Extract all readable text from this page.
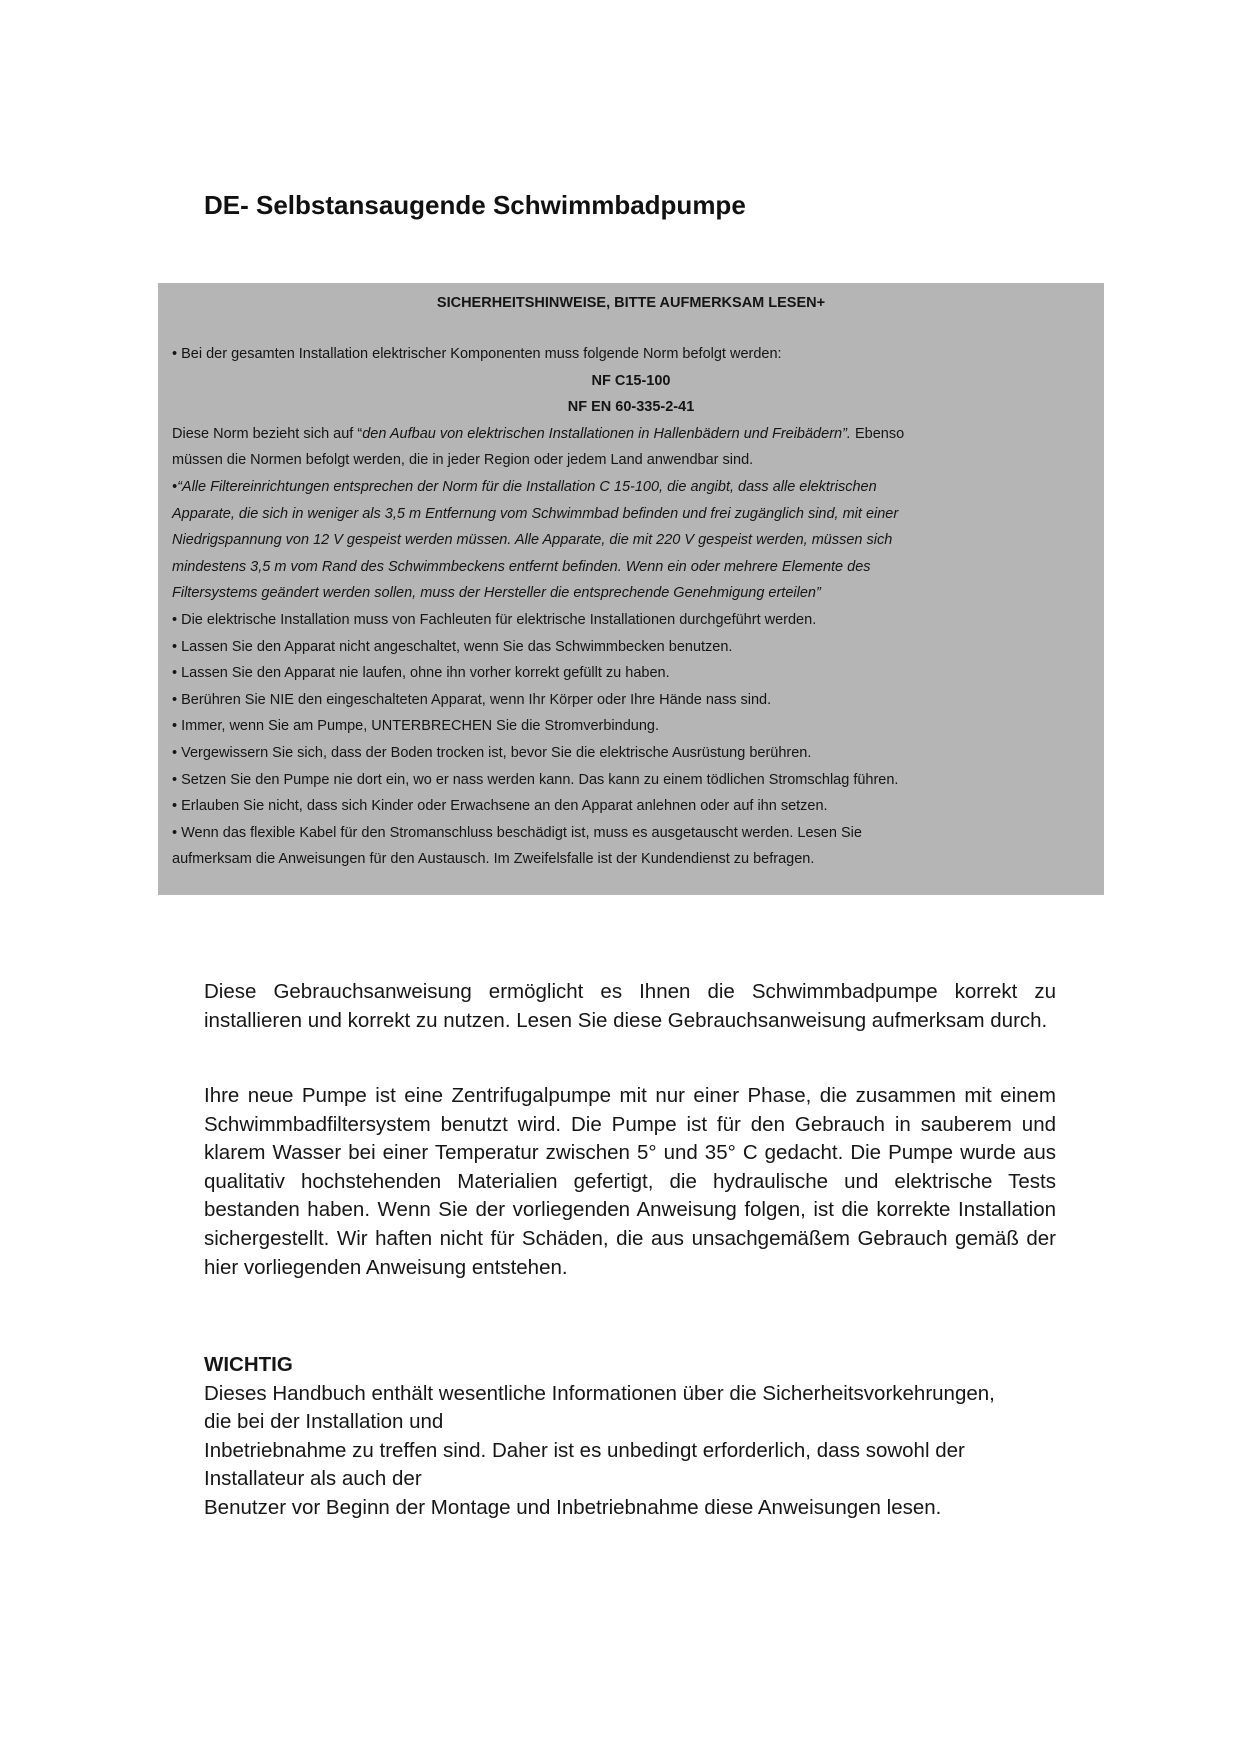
DE- Selbstansaugende Schwimmbadpumpe
SICHERHEITSHINWEISE, BITTE AUFMERKSAM LESEN+

• Bei der gesamten Installation elektrischer Komponenten muss folgende Norm befolgt werden:

NF C15-100

NF EN 60-335-2-41

Diese Norm bezieht sich auf “den Aufbau von elektrischen Installationen in Hallenbädern und Freibädern”. Ebenso

müssen die Normen befolgt werden, die in jeder Region oder jedem Land anwendbar sind.

•“Alle Filtereinrichtungen entsprechen der Norm für die Installation C 15-100, die angibt, dass alle elektrischen

Apparate, die sich in weniger als 3,5 m Entfernung vom Schwimmbad befinden und frei zugänglich sind, mit einer

Niedrigspannung von 12 V gespeist werden müssen. Alle Apparate, die mit 220 V gespeist werden, müssen sich

mindestens 3,5 m vom Rand des Schwimmbeckens entfernt befinden. Wenn ein oder mehrere Elemente des

Filtersystems geändert werden sollen, muss der Hersteller die entsprechende Genehmigung erteilen”

• Die elektrische Installation muss von Fachleuten für elektrische Installationen durchgeführt werden.

• Lassen Sie den Apparat nicht angeschaltet, wenn Sie das Schwimmbecken benutzen.

• Lassen Sie den Apparat nie laufen, ohne ihn vorher korrekt gefüllt zu haben.

• Berühren Sie NIE den eingeschalteten Apparat, wenn Ihr Körper oder Ihre Hände nass sind.

• Immer, wenn Sie am Pumpe, UNTERBRECHEN Sie die Stromverbindung.

• Vergewissern Sie sich, dass der Boden trocken ist, bevor Sie die elektrische Ausrüstung berühren.

• Setzen Sie den Pumpe nie dort ein, wo er nass werden kann. Das kann zu einem tödlichen Stromschlag führen.

• Erlauben Sie nicht, dass sich Kinder oder Erwachsene an den Apparat anlehnen oder auf ihn setzen.

• Wenn das flexible Kabel für den Stromanschluss beschädigt ist, muss es ausgetauscht werden. Lesen Sie

aufmerksam die Anweisungen für den Austausch. Im Zweifelsfalle ist der Kundendienst zu befragen.

Diese Gebrauchsanweisung ermöglicht es Ihnen die Schwimmbadpumpe korrekt zu installieren und korrekt zu nutzen. Lesen Sie diese Gebrauchsanweisung aufmerksam durch.

Ihre neue Pumpe ist eine Zentrifugalpumpe mit nur einer Phase, die zusammen mit einem Schwimmbadfiltersystem benutzt wird. Die Pumpe ist für den Gebrauch in sauberem und klarem Wasser bei einer Temperatur zwischen 5° und 35° C gedacht. Die Pumpe wurde aus qualitativ hochstehenden Materialien gefertigt, die hydraulische und elektrische Tests bestanden haben. Wenn Sie der vorliegenden Anweisung folgen, ist die korrekte Installation sichergestellt. Wir haften nicht für Schäden, die aus unsachgemäßem Gebrauch gemäß der hier vorliegenden Anweisung entstehen.

WICHTIG

Dieses Handbuch enthält wesentliche Informationen über die Sicherheitsvorkehrungen,

die bei der Installation und

Inbetriebnahme zu treffen sind. Daher ist es unbedingt erforderlich, dass sowohl der

Installateur als auch der

Benutzer vor Beginn der Montage und Inbetriebnahme diese Anweisungen lesen.
